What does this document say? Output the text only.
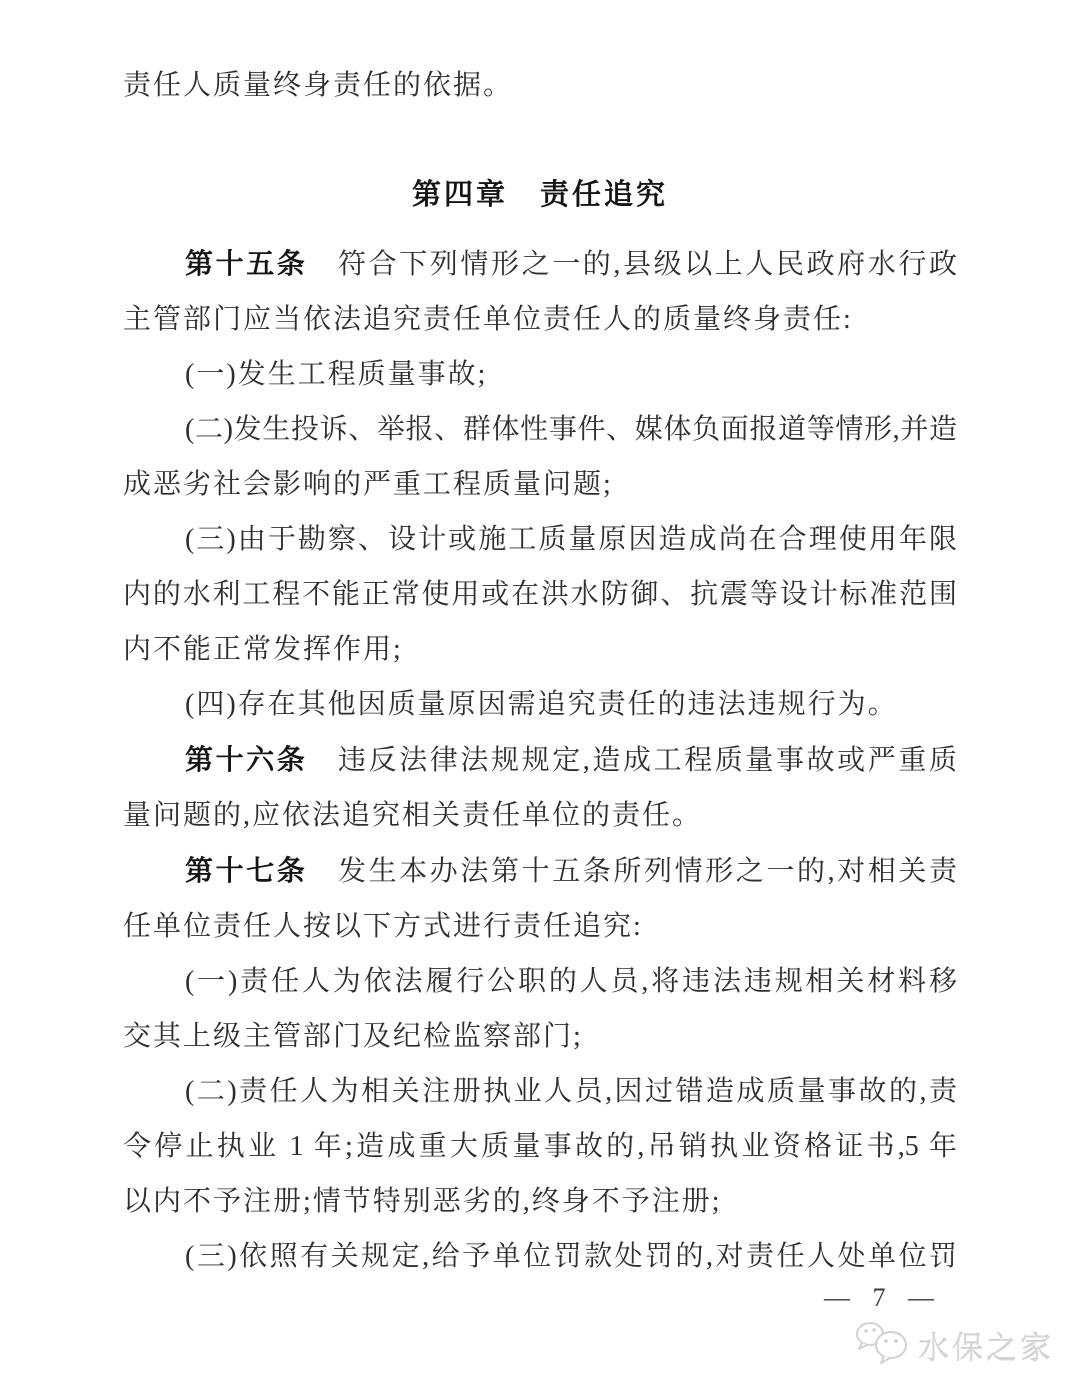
责任人质量终身责任的依据。
第四章　责任追究
第十五条　符合下列情形之一的,县级以上人民政府水行政
主管部门应当依法追究责任单位责任人的质量终身责任:
(一)发生工程质量事故;
(二)发生投诉、举报、群体性事件、媒体负面报道等情形,并造
成恶劣社会影响的严重工程质量问题;
(三)由于勘察、设计或施工质量原因造成尚在合理使用年限
内的水利工程不能正常使用或在洪水防御、抗震等设计标准范围
内不能正常发挥作用;
(四)存在其他因质量原因需追究责任的违法违规行为。
第十六条　违反法律法规规定,造成工程质量事故或严重质
量问题的,应依法追究相关责任单位的责任。
第十七条　发生本办法第十五条所列情形之一的,对相关责
任单位责任人按以下方式进行责任追究:
(一)责任人为依法履行公职的人员,将违法违规相关材料移
交其上级主管部门及纪检监察部门;
(二)责任人为相关注册执业人员,因过错造成质量事故的,责
令停止执业 1 年;造成重大质量事故的,吊销执业资格证书,5 年
以内不予注册;情节特别恶劣的,终身不予注册;
(三)依照有关规定,给予单位罚款处罚的,对责任人处单位罚
— 7 —
水保之家
